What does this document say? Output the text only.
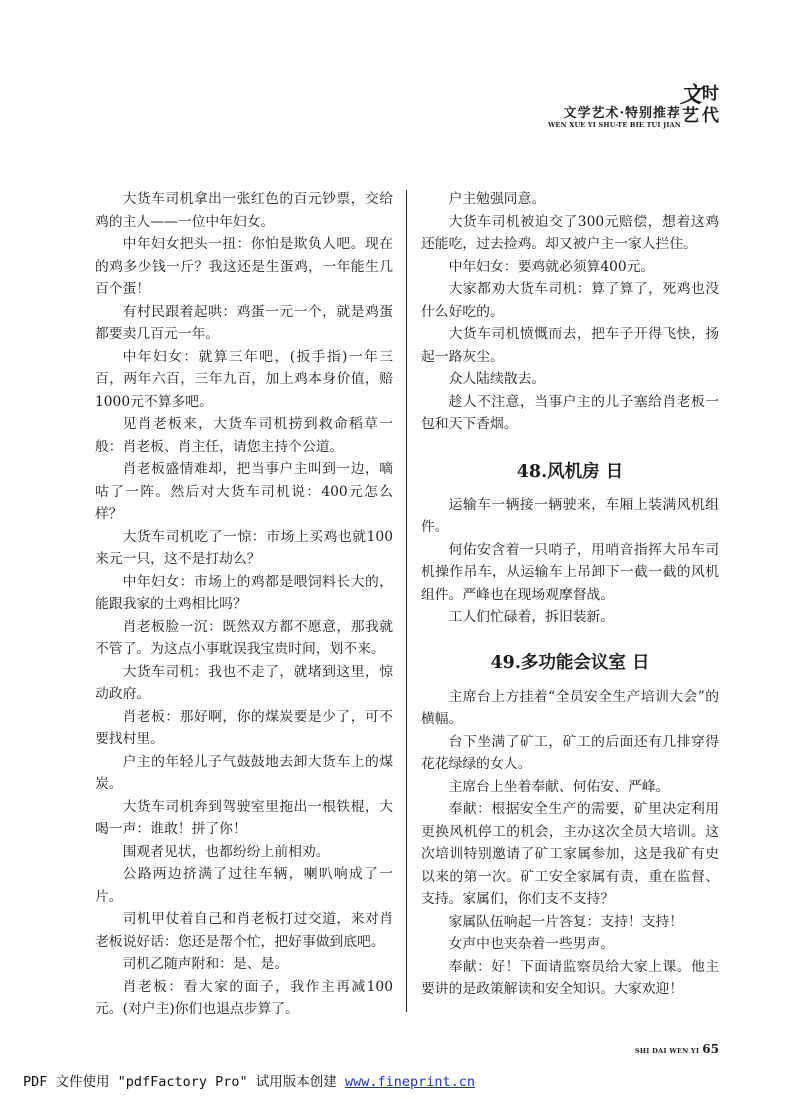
文学艺术·特别推荐
WEN XUE YI SHU-TE BIE TUI JIAN
文 时
艺 代

大货车司机拿出一张红色的百元钞票，交给鸡的主人——一位中年妇女。

中年妇女把头一扭：你怕是欺负人吧。现在的鸡多少钱一斤？我这还是生蛋鸡，一年能生几百个蛋！

有村民跟着起哄：鸡蛋一元一个，就是鸡蛋都要卖几百元一年。

中年妇女：就算三年吧，(扳手指)一年三百，两年六百，三年九百，加上鸡本身价值，赔1000元不算多吧。

见肖老板来，大货车司机捞到救命稻草一般：肖老板、肖主任，请您主持个公道。

肖老板盛情难却，把当事户主叫到一边，嘀咕了一阵。然后对大货车司机说：400元怎么样？

大货车司机吃了一惊：市场上买鸡也就100来元一只，这不是打劫么？

中年妇女：市场上的鸡都是喂饲料长大的，能跟我家的土鸡相比吗？

肖老板脸一沉：既然双方都不愿意，那我就不管了。为这点小事耽误我宝贵时间，划不来。

大货车司机：我也不走了，就堵到这里，惊动政府。

肖老板：那好啊，你的煤炭要是少了，可不要找村里。

户主的年轻儿子气鼓鼓地去卸大货车上的煤炭。

大货车司机奔到驾驶室里拖出一根铁棍，大喝一声：谁敢！拼了你！

围观者见状，也都纷纷上前相劝。

公路两边挤满了过往车辆，喇叭响成了一片。

司机甲仗着自己和肖老板打过交道，来对肖老板说好话：您还是帮个忙，把好事做到底吧。

司机乙随声附和：是、是。

肖老板：看大家的面子，我作主再减100元。(对户主)你们也退点步算了。

户主勉强同意。

大货车司机被迫交了300元赔偿，想着这鸡还能吃，过去捡鸡。却又被户主一家人拦住。

中年妇女：要鸡就必须算400元。

大家都劝大货车司机：算了算了，死鸡也没什么好吃的。

大货车司机愤慨而去，把车子开得飞快，扬起一路灰尘。

众人陆续散去。

趁人不注意，当事户主的儿子塞给肖老板一包和天下香烟。

48.风机房 日

运输车一辆接一辆驶来，车厢上装满风机组件。

何佑安含着一只哨子，用哨音指挥大吊车司机操作吊车，从运输车上吊卸下一截一截的风机组件。严峰也在现场观摩督战。

工人们忙碌着，拆旧装新。

49.多功能会议室 日

主席台上方挂着“全员安全生产培训大会”的横幅。

台下坐满了矿工，矿工的后面还有几排穿得花花绿绿的女人。

主席台上坐着奉献、何佑安、严峰。

奉献：根据安全生产的需要，矿里决定利用更换风机停工的机会，主办这次全员大培训。这次培训特别邀请了矿工家属参加，这是我矿有史以来的第一次。矿工安全家属有责，重在监督、支持。家属们，你们支不支持？

家属队伍响起一片答复：支持！支持！

女声中也夹杂着一些男声。

奉献：好！下面请监察员给大家上课。他主要讲的是政策解读和安全知识。大家欢迎！

SHI DAI WEN YI 65
PDF 文件使用 "pdfFactory Pro" 试用版本创建 www.fineprint.cn
